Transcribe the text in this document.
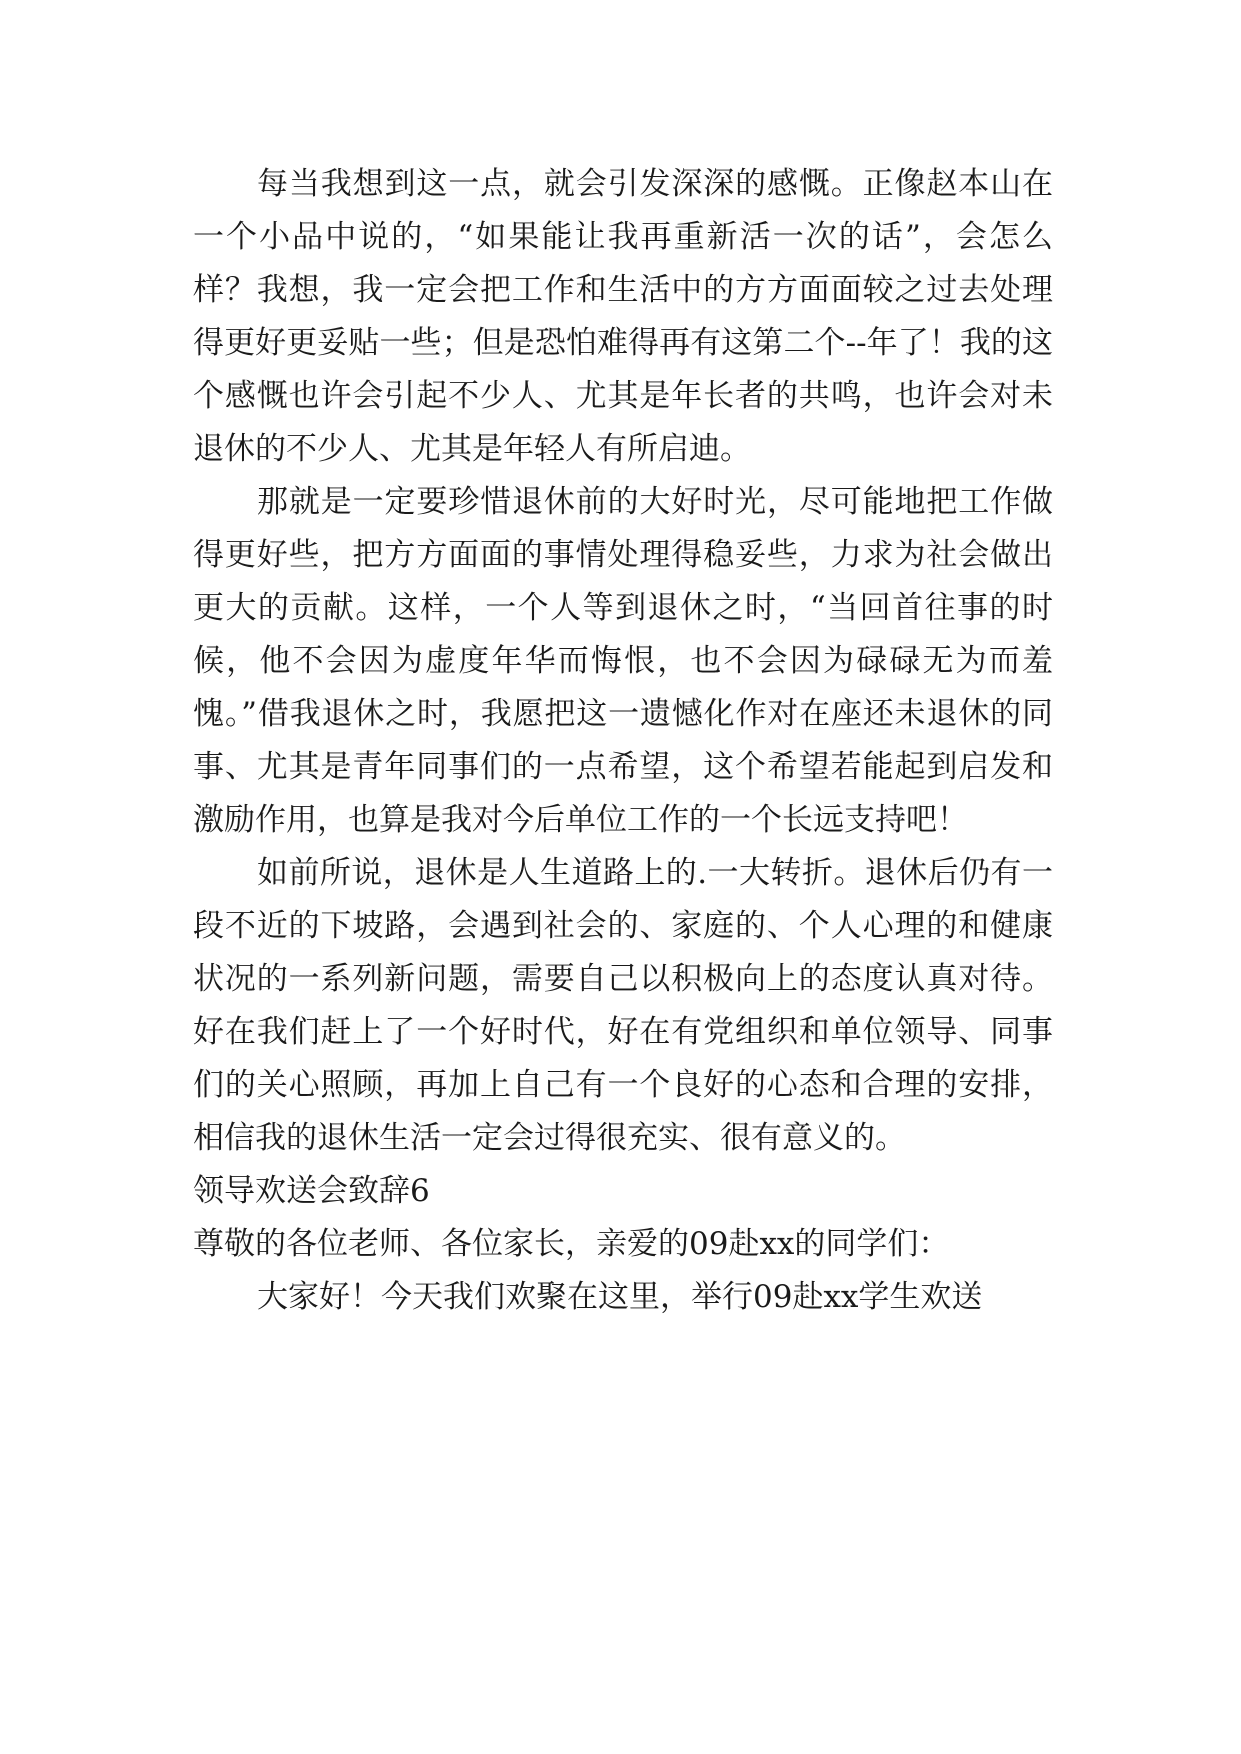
每当我想到这一点，就会引发深深的感慨。正像赵本山在一个小品中说的，“如果能让我再重新活一次的话”，会怎么样？我想，我一定会把工作和生活中的方方面面较之过去处理得更好更妥贴一些；但是恐怕难得再有这第二个--年了！我的这个感慨也许会引起不少人、尤其是年长者的共鸣，也许会对未退休的不少人、尤其是年轻人有所启迪。

那就是一定要珍惜退休前的大好时光，尽可能地把工作做得更好些，把方方面面的事情处理得稳妥些，力求为社会做出更大的贡献。这样，一个人等到退休之时，“当回首往事的时候，他不会因为虚度年华而悔恨，也不会因为碌碌无为而羞愧。”借我退休之时，我愿把这一遗憾化作对在座还未退休的同事、尤其是青年同事们的一点希望，这个希望若能起到启发和激励作用，也算是我对今后单位工作的一个长远支持吧！

如前所说，退休是人生道路上的.一大转折。退休后仍有一段不近的下坡路，会遇到社会的、家庭的、个人心理的和健康状况的一系列新问题，需要自己以积极向上的态度认真对待。好在我们赶上了一个好时代，好在有党组织和单位领导、同事们的关心照顾，再加上自己有一个良好的心态和合理的安排，相信我的退休生活一定会过得很充实、很有意义的。

领导欢送会致辞6

尊敬的各位老师、各位家长，亲爱的09赴xx的同学们：

大家好！今天我们欢聚在这里，举行09赴xx学生欢送
